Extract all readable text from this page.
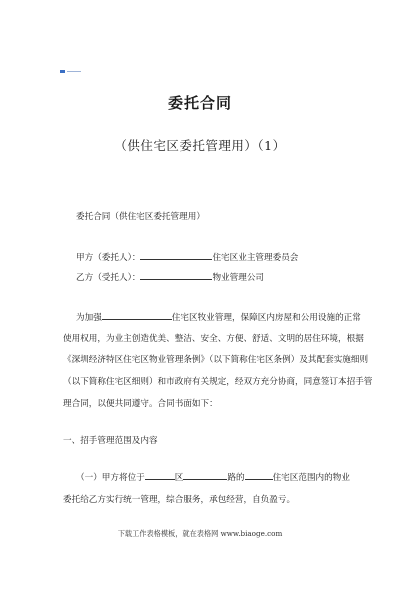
委托合同
（供住宅区委托管理用）（1）
委托合同（供住宅区委托管理用）
甲方（委托人）：	住宅区业主管理委员会
乙方（受托人）：	物业管理公司
为加强	住宅区牧业管理，保障区内房屋和公用设施的正常
使用权用，为业主创造优美、整洁、安全、方便、舒适、文明的居住环境，根据
《深圳经济特区住宅区物业管理条例》（以下简称住宅区条例）及其配套实施细则
（以下简称住宅区细则）和市政府有关规定，经双方充分协商，同意签订本招手管
理合同，以便共同遵守。合同书面如下：
一、招手管理范围及内容
（一）甲方将位于	区	路的	住宅区范围内的物业
委托给乙方实行统一管理，综合服务，承包经营，自负盈亏。
下载工作表格模板，就在表格网 www.biaoge.com
